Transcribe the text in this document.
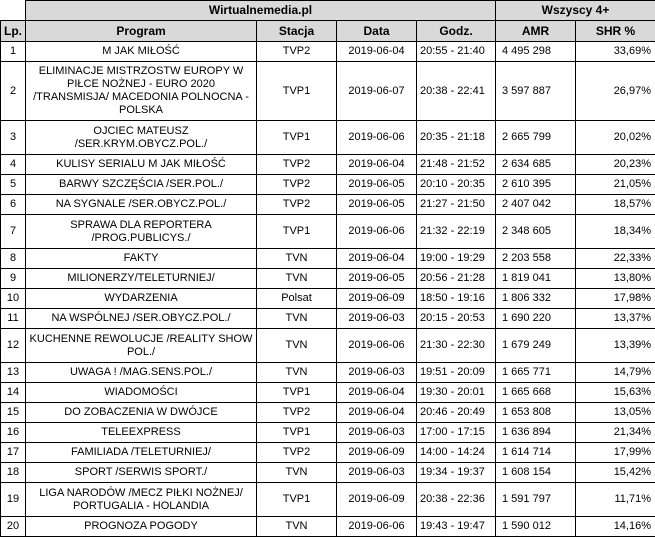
	Wirtualnemedia.pl				Wszyscy 4+	
Lp.	Program	Stacja	Data	Godz.	AMR	SHR %
1	M JAK MIŁOŚĆ	TVP2	2019-06-04	20:55 - 21:40	4 495 298	33,69%
2	ELIMINACJE MISTRZOSTW EUROPY W PIŁCE NOŻNEJ - EURO 2020 /TRANSMISJA/ MACEDONIA POLNOCNA - POLSKA	TVP1	2019-06-07	20:38 - 22:41	3 597 887	26,97%
3	OJCIEC MATEUSZ /SER.KRYM.OBYCZ.POL./	TVP1	2019-06-06	20:35 - 21:18	2 665 799	20,02%
4	KULISY SERIALU M JAK MIŁOŚĆ	TVP2	2019-06-04	21:48 - 21:52	2 634 685	20,23%
5	BARWY SZCZĘŚCIA /SER.POL./	TVP2	2019-06-05	20:10 - 20:35	2 610 395	21,05%
6	NA SYGNALE /SER.OBYCZ.POL./	TVP2	2019-06-05	21:27 - 21:50	2 407 042	18,57%
7	SPRAWA DLA REPORTERA /PROG.PUBLICYS./	TVP1	2019-06-06	21:32 - 22:19	2 348 605	18,34%
8	FAKTY	TVN	2019-06-04	19:00 - 19:29	2 203 558	22,33%
9	MILIONERZY/TELETURNIEJ/	TVN	2019-06-05	20:56 - 21:28	1 819 041	13,80%
10	WYDARZENIA	Polsat	2019-06-09	18:50 - 19:16	1 806 332	17,98%
11	NA WSPÓLNEJ /SER.OBYCZ.POL./	TVN	2019-06-03	20:15 - 20:53	1 690 220	13,37%
12	KUCHENNE REWOLUCJE /REALITY SHOW POL./	TVN	2019-06-06	21:30 - 22:30	1 679 249	13,39%
13	UWAGA ! /MAG.SENS.POL./	TVN	2019-06-03	19:51 - 20:09	1 665 771	14,79%
14	WIADOMOŚCI	TVP1	2019-06-04	19:30 - 20:01	1 665 668	15,63%
15	DO ZOBACZENIA W DWÓJCE	TVP2	2019-06-04	20:46 - 20:49	1 653 808	13,05%
16	TELEEXPRESS	TVP1	2019-06-03	17:00 - 17:15	1 636 894	21,34%
17	FAMILIADA /TELETURNIEJ/	TVP2	2019-06-09	14:00 - 14:24	1 614 714	17,99%
18	SPORT /SERWIS SPORT./	TVN	2019-06-03	19:34 - 19:37	1 608 154	15,42%
19	LIGA NARODÓW /MECZ PIŁKI NOŻNEJ/ PORTUGALIA - HOLANDIA	TVP1	2019-06-09	20:38 - 22:36	1 591 797	11,71%
20	PROGNOZA POGODY	TVN	2019-06-06	19:43 - 19:47	1 590 012	14,16%
